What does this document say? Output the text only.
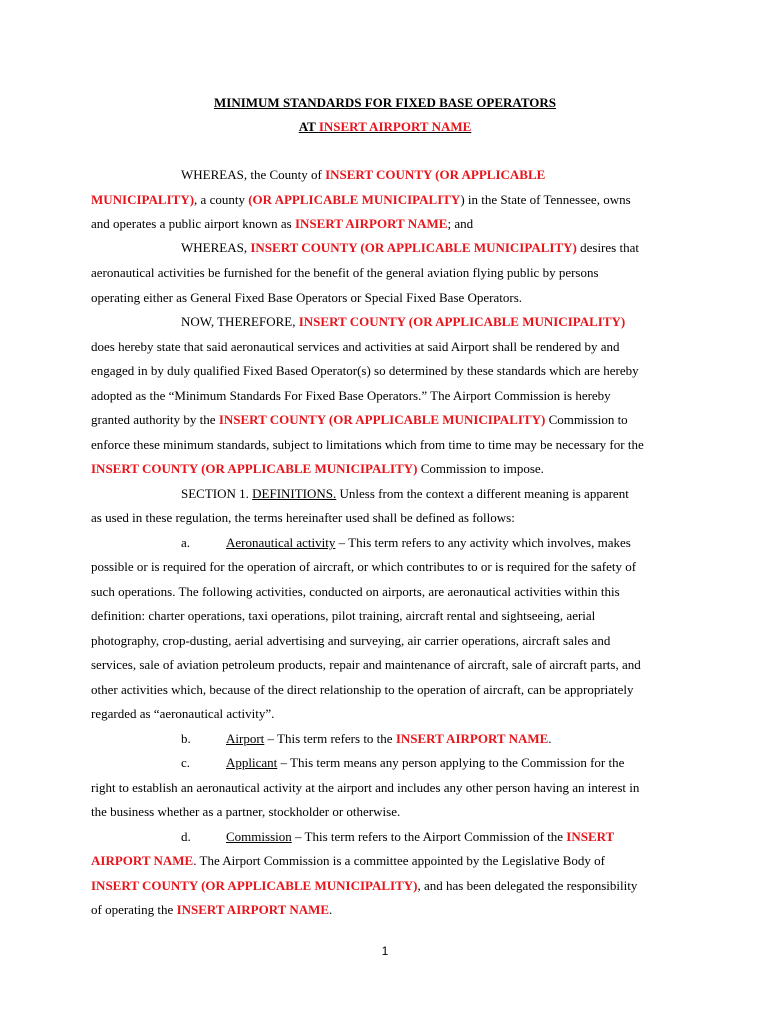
MINIMUM STANDARDS FOR FIXED BASE OPERATORS
AT INSERT AIRPORT NAME
WHEREAS, the County of INSERT COUNTY (OR APPLICABLE
MUNICIPALITY), a county (OR APPLICABLE MUNICIPALITY) in the State of Tennessee, owns
and operates a public airport known as INSERT AIRPORT NAME; and
WHEREAS, INSERT COUNTY (OR APPLICABLE MUNICIPALITY) desires that
aeronautical activities be furnished for the benefit of the general aviation flying public by persons
operating either as General Fixed Base Operators or Special Fixed Base Operators.
NOW, THEREFORE, INSERT COUNTY (OR APPLICABLE MUNICIPALITY)
does hereby state that said aeronautical services and activities at said Airport shall be rendered by and
engaged in by duly qualified Fixed Based Operator(s) so determined by these standards which are hereby
adopted as the “Minimum Standards For Fixed Base Operators.” The Airport Commission is hereby
granted authority by the INSERT COUNTY (OR APPLICABLE MUNICIPALITY) Commission to
enforce these minimum standards, subject to limitations which from time to time may be necessary for the
INSERT COUNTY (OR APPLICABLE MUNICIPALITY) Commission to impose.
SECTION 1. DEFINITIONS. Unless from the context a different meaning is apparent
as used in these regulation, the terms hereinafter used shall be defined as follows:
a.	Aeronautical activity – This term refers to any activity which involves, makes
possible or is required for the operation of aircraft, or which contributes to or is required for the safety of
such operations. The following activities, conducted on airports, are aeronautical activities within this
definition: charter operations, taxi operations, pilot training, aircraft rental and sightseeing, aerial
photography, crop-dusting, aerial advertising and surveying, air carrier operations, aircraft sales and
services, sale of aviation petroleum products, repair and maintenance of aircraft, sale of aircraft parts, and
other activities which, because of the direct relationship to the operation of aircraft, can be appropriately
regarded as “aeronautical activity”.
b.	Airport – This term refers to the INSERT AIRPORT NAME.
c.	Applicant – This term means any person applying to the Commission for the
right to establish an aeronautical activity at the airport and includes any other person having an interest in
the business whether as a partner, stockholder or otherwise.
d.	Commission – This term refers to the Airport Commission of the INSERT
AIRPORT NAME. The Airport Commission is a committee appointed by the Legislative Body of
INSERT COUNTY (OR APPLICABLE MUNICIPALITY), and has been delegated the responsibility
of operating the INSERT AIRPORT NAME.
1
